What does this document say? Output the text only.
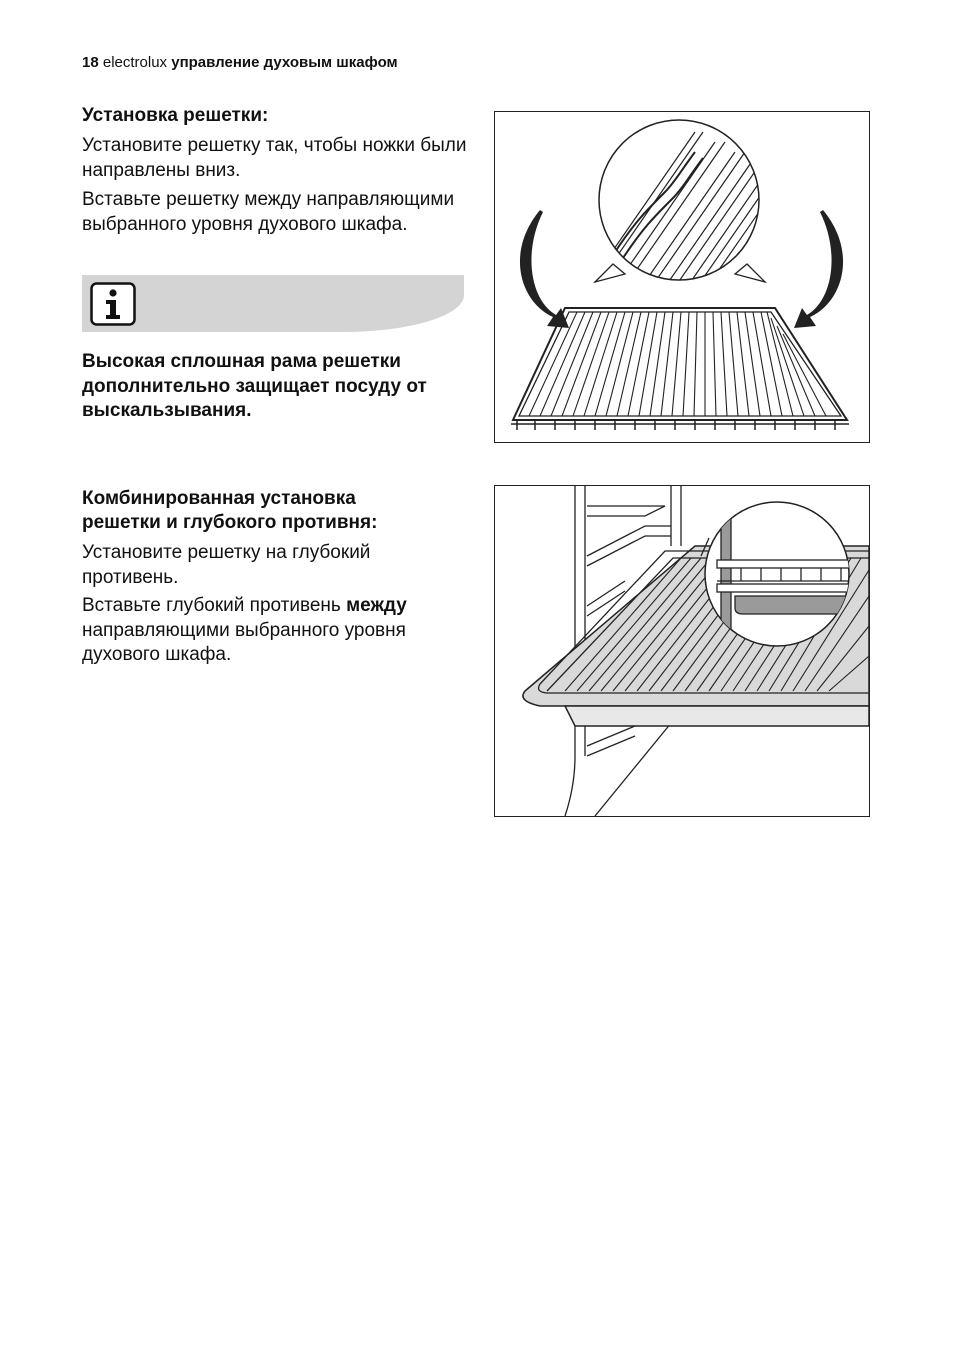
18 electrolux управление духовым шкафом
Установка решетки:
Установите решетку так, чтобы ножки были направлены вниз.
Вставьте решетку между направляющими выбранного уровня духового шкафа.
Высокая сплошная рама решетки дополнительно защищает посуду от выскальзывания.
Комбинированная установка
решетки и глубокого противня:
Установите решетку на глубокий противень.
Вставьте глубокий противень между направляющими выбранного уровня духового шкафа.
